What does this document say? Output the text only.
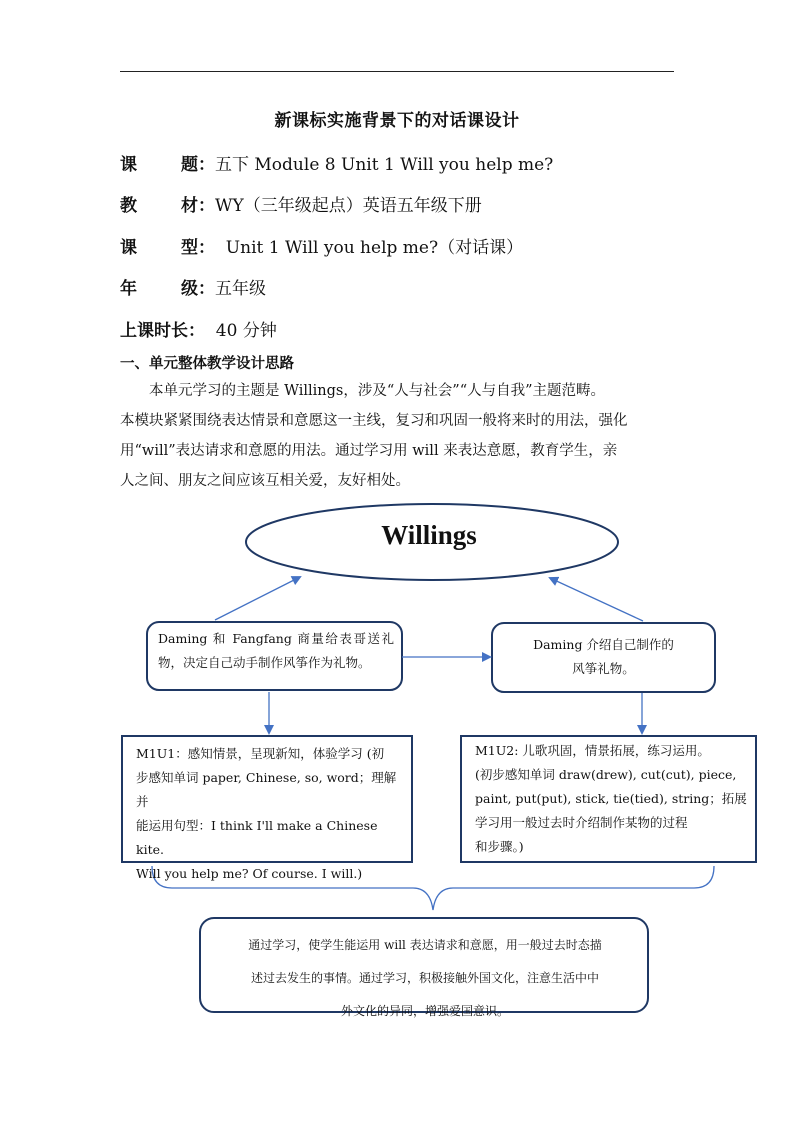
新课标实施背景下的对话课设计
课	题： 五下 Module 8 Unit 1 Will you help me?
教	材： WY（三年级起点）英语五年级下册
课	型： Unit 1 Will you help me?（对话课）
年	级： 五年级
上课时长：  40 分钟
一、单元整体教学设计思路
本单元学习的主题是 Willings，涉及“人与社会”“人与自我”主题范畴。
本模块紧紧围绕表达情景和意愿这一主线，复习和巩固一般将来时的用法，强化
用“will”表达请求和意愿的用法。通过学习用 will 来表达意愿，教育学生，亲
人之间、朋友之间应该互相关爱，友好相处。
Willings
Daming 和 Fangfang 商量给表哥送礼
物，决定自己动手制作风筝作为礼物。
Daming 介绍自己制作的
风筝礼物。
M1U1：感知情景，呈现新知，体验学习 (初
步感知单词 paper, Chinese, so, word；理解并
能运用句型：I think I'll make a Chinese kite.
Will you help me? Of course. I will.)
M1U2: 儿歌巩固，情景拓展，练习运用。
(初步感知单词 draw(drew), cut(cut), piece,
paint, put(put), stick, tie(tied), string；拓展
学习用一般过去时介绍制作某物的过程
和步骤。)
通过学习，使学生能运用 will 表达请求和意愿，用一般过去时态描
述过去发生的事情。通过学习，积极接触外国文化，注意生活中中
外文化的异同，增强爱国意识。
